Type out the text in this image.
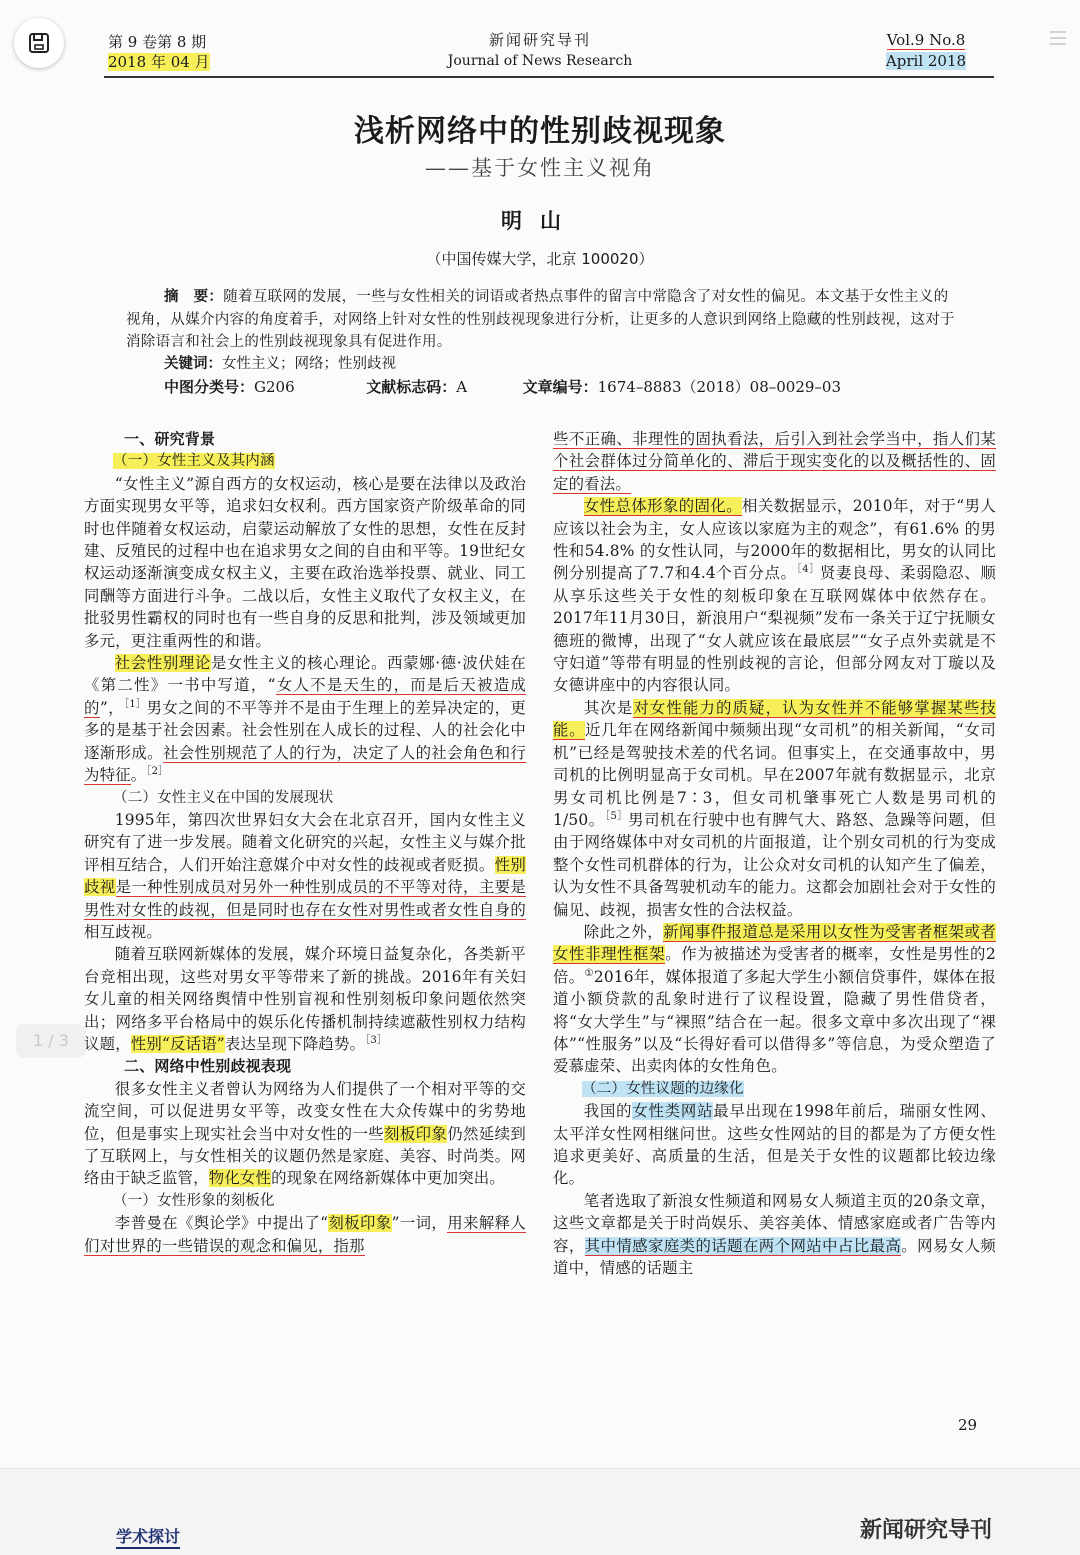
第 9 卷第 8 期
2018 年 04 月
新闻研究导刊
Journal of News Research
Vol.9 No.8
April 2018
浅析网络中的性别歧视现象
——基于女性主义视角
明山
（中国传媒大学，北京 100020）
摘　要：随着互联网的发展，一些与女性相关的词语或者热点事件的留言中常隐含了对女性的偏见。本文基于女性主义的视角，从媒介内容的角度着手，对网络上针对女性的性别歧视现象进行分析，让更多的人意识到网络上隐藏的性别歧视，这对于消除语言和社会上的性别歧视现象具有促进作用。
关键词：女性主义；网络；性别歧视
中图分类号：G206	文献标志码：A	文章编号：1674–8883（2018）08–0029–03

一、研究背景

（一）女性主义及其内涵

“女性主义”源自西方的女权运动，核心是要在法律以及政治方面实现男女平等，追求妇女权利。西方国家资产阶级革命的同时也伴随着女权运动，启蒙运动解放了女性的思想，女性在反封建、反殖民的过程中也在追求男女之间的自由和平等。19世纪女权运动逐渐演变成女权主义，主要在政治选举投票、就业、同工同酬等方面进行斗争。二战以后，女性主义取代了女权主义，在批驳男性霸权的同时也有一些自身的反思和批判，涉及领域更加多元，更注重两性的和谐。

社会性别理论是女性主义的核心理论。西蒙娜·德·波伏娃在《第二性》一书中写道，“女人不是天生的，而是后天被造成的”，$^{[1]}$男女之间的不平等并不是由于生理上的差异决定的，更多的是基于社会因素。社会性别在人成长的过程、人的社会化中逐渐形成。社会性别规范了人的行为，决定了人的社会角色和行为特征。$^{[2]}$

（二）女性主义在中国的发展现状

1995年，第四次世界妇女大会在北京召开，国内女性主义研究有了进一步发展。随着文化研究的兴起，女性主义与媒介批评相互结合，人们开始注意媒介中对女性的歧视或者贬损。性别歧视是一种性别成员对另外一种性别成员的不平等对待，主要是男性对女性的歧视，但是同时也存在女性对男性或者女性自身的相互歧视。

随着互联网新媒体的发展，媒介环境日益复杂化，各类新平台竞相出现，这些对男女平等带来了新的挑战。2016年有关妇女儿童的相关网络舆情中性别盲视和性别刻板印象问题依然突出；网络多平台格局中的娱乐化传播机制持续遮蔽性别权力结构议题，性别“反话语”表达呈现下降趋势。$^{[3]}$

二、网络中性别歧视表现

很多女性主义者曾认为网络为人们提供了一个相对平等的交流空间，可以促进男女平等，改变女性在大众传媒中的劣势地位，但是事实上现实社会当中对女性的一些刻板印象仍然延续到了互联网上，与女性相关的议题仍然是家庭、美容、时尚类。网络由于缺乏监管，物化女性的现象在网络新媒体中更加突出。

（一）女性形象的刻板化

李普曼在《舆论学》中提出了“刻板印象”一词，用来解释人们对世界的一些错误的观念和偏见，指那

些不正确、非理性的固执看法，后引入到社会学当中，指人们某个社会群体过分简单化的、滞后于现实变化的以及概括性的、固定的看法。

女性总体形象的固化。相关数据显示，2010年，对于“男人应该以社会为主，女人应该以家庭为主的观念”，有61.6% 的男性和54.8% 的女性认同，与2000年的数据相比，男女的认同比例分别提高了7.7和4.4个百分点。$^{[4]}$贤妻良母、柔弱隐忍、顺从享乐这些关于女性的刻板印象在互联网媒体中依然存在。2017年11月30日，新浪用户“梨视频”发布一条关于辽宁抚顺女德班的微博，出现了“女人就应该在最底层”“女子点外卖就是不守妇道”等带有明显的性别歧视的言论，但部分网友对丁璇以及女德讲座中的内容很认同。

其次是对女性能力的质疑，认为女性并不能够掌握某些技能。近几年在网络新闻中频频出现“女司机”的相关新闻，“女司机”已经是驾驶技术差的代名词。但事实上，在交通事故中，男司机的比例明显高于女司机。早在2007年就有数据显示，北京男女司机比例是7∶3，但女司机肇事死亡人数是男司机的1/50。$^{[5]}$男司机在行驶中也有脾气大、路怒、急躁等问题，但由于网络媒体中对女司机的片面报道，让个别女司机的行为变成整个女性司机群体的行为，让公众对女司机的认知产生了偏差，认为女性不具备驾驶机动车的能力。这都会加剧社会对于女性的偏见、歧视，损害女性的合法权益。

除此之外，新闻事件报道总是采用以女性为受害者框架或者女性非理性框架。作为被描述为受害者的概率，女性是男性的2倍。①2016年，媒体报道了多起大学生小额信贷事件，媒体在报道小额贷款的乱象时进行了议程设置，隐藏了男性借贷者，将“女大学生”与“裸照”结合在一起。很多文章中多次出现了“裸体”“性服务”以及“长得好看可以借得多”等信息，为受众塑造了爱慕虚荣、出卖肉体的女性角色。

（二）女性议题的边缘化

我国的女性类网站最早出现在1998年前后，瑞丽女性网、太平洋女性网相继问世。这些女性网站的目的都是为了方便女性追求更美好、高质量的生活，但是关于女性的议题都比较边缘化。

笔者选取了新浪女性频道和网易女人频道主页的20条文章，这些文章都是关于时尚娱乐、美容美体、情感家庭或者广告等内容，其中情感家庭类的话题在两个网站中占比最高。网易女人频道中，情感的话题主

29
1 / 3
学术探讨	新闻研究导刊
